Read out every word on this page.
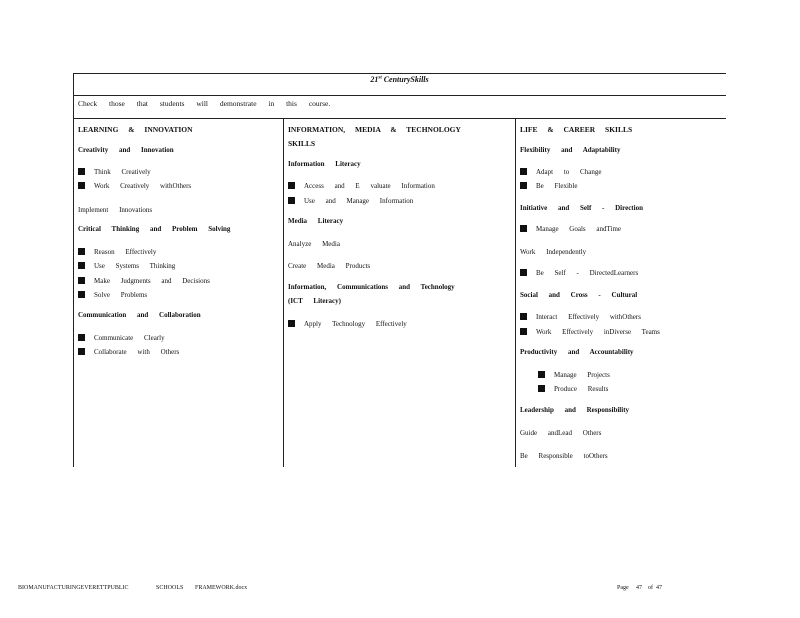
21st CenturySkills
Check those that students will demonstrate in this course.
LEARNING & INNOVATION
Creativity and Innovation
Think Creatively
Work Creatively withOthers
Implement Innovations
Critical Thinking and Problem Solving
Reason Effectively
Use Systems Thinking
Make Judgments and Decisions
Solve Problems
Communication and Collaboration
Communicate Clearly
Collaborate with Others
INFORMATION, MEDIA & TECHNOLOGY
SKILLS
Information Literacy
Access and E valuate Information
Use and Manage Information
Media Literacy
Analyze Media
Create Media Products
Information, Communications and Technology
(ICT Literacy)
Apply Technology Effectively
LIFE & CAREER SKILLS
Flexibility and Adaptability
Adapt to Change
Be Flexible
Initiative and Self - Direction
Manage Goals andTime
Work Independently
Be Self - DirectedLearners
Social and Cross - Cultural
Interact Effectively withOthers
Work Effectively inDiverse Teams
Productivity and Accountability
Manage Projects
Produce Results
Leadership and Responsibility
Guide andLead Others
Be Responsible toOthers
BIOMANUFACTURINGEVERETTPUBLIC	SCHOOLS FRAMEWORK.docx	Page 47 of 47
